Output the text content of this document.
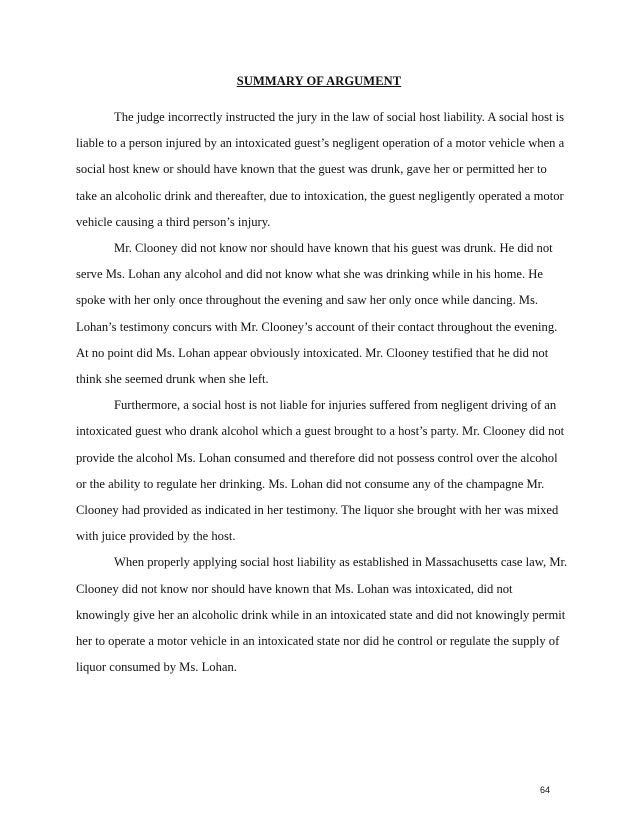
SUMMARY OF ARGUMENT

The judge incorrectly instructed the jury in the law of social host liability. A social host is liable to a person injured by an intoxicated guest’s negligent operation of a motor vehicle when a social host knew or should have known that the guest was drunk, gave her or permitted her to take an alcoholic drink and thereafter, due to intoxication, the guest negligently operated a motor vehicle causing a third person’s injury.

Mr. Clooney did not know nor should have known that his guest was drunk. He did not serve Ms. Lohan any alcohol and did not know what she was drinking while in his home. He spoke with her only once throughout the evening and saw her only once while dancing. Ms. Lohan’s testimony concurs with Mr. Clooney’s account of their contact throughout the evening. At no point did Ms. Lohan appear obviously intoxicated. Mr. Clooney testified that he did not think she seemed drunk when she left.

Furthermore, a social host is not liable for injuries suffered from negligent driving of an intoxicated guest who drank alcohol which a guest brought to a host’s party. Mr. Clooney did not provide the alcohol Ms. Lohan consumed and therefore did not possess control over the alcohol or the ability to regulate her drinking. Ms. Lohan did not consume any of the champagne Mr. Clooney had provided as indicated in her testimony. The liquor she brought with her was mixed with juice provided by the host.

When properly applying social host liability as established in Massachusetts case law, Mr. Clooney did not know nor should have known that Ms. Lohan was intoxicated, did not knowingly give her an alcoholic drink while in an intoxicated state and did not knowingly permit her to operate a motor vehicle in an intoxicated state nor did he control or regulate the supply of liquor consumed by Ms. Lohan.

64
